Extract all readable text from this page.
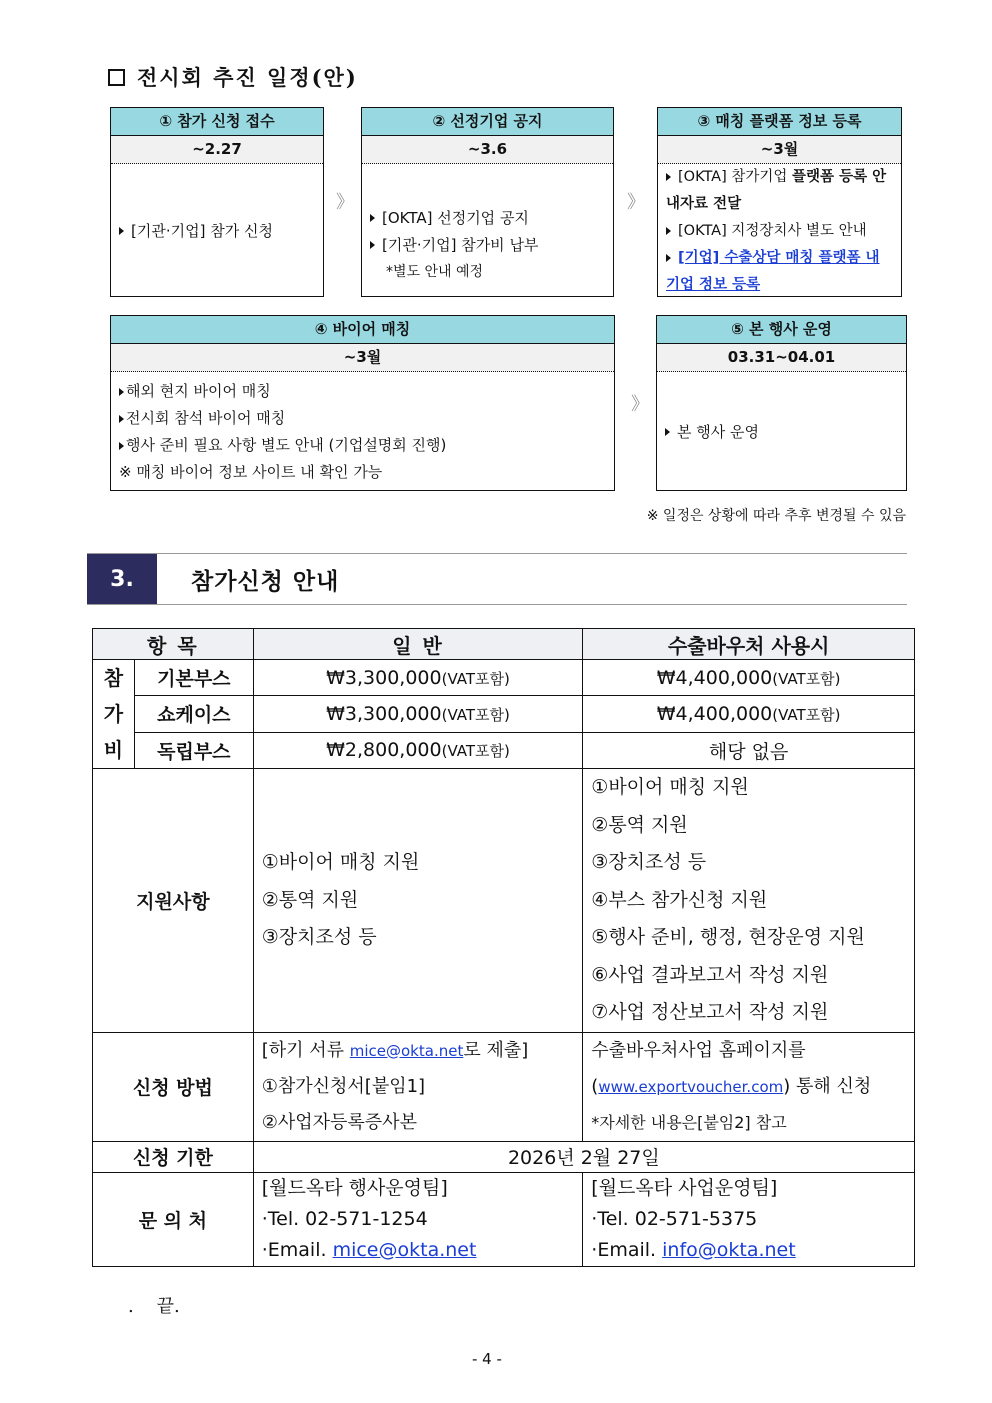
전시회 추진 일정(안)
① 참가 신청 접수
~2.27
[기관·기업] 참가 신청
》
② 선정기업 공지
~3.6
[OKTA] 선정기업 공지
[기관·기업] 참가비 납부
*별도 안내 예정
》
③ 매칭 플랫폼 정보 등록
~3월
[OKTA] 참가기업 플랫폼 등록 안내자료 전달
[OKTA] 지정장치사 별도 안내
[기업] 수출상담 매칭 플랫폼 내 기업 정보 등록
④ 바이어 매칭
~3월
해외 현지 바이어 매칭
전시회 참석 바이어 매칭
행사 준비 필요 사항 별도 안내 (기업설명회 진행)
※ 매칭 바이어 정보 사이트 내 확인 가능
》
⑤ 본 행사 운영
03.31~04.01
본 행사 운영
※ 일정은 상황에 따라 추후 변경될 수 있음
3.	참가신청 안내
항 목		일 반	수출바우처 사용시

참
가
비	기본부스	₩3,300,000(VAT포함)	₩4,400,000(VAT포함)
	쇼케이스	₩3,300,000(VAT포함)	₩4,400,000(VAT포함)
	독립부스	₩2,800,000(VAT포함)	해당 없음
지원사항	
①바이어 매칭 지원
②통역 지원
③장치조성 등

①바이어 매칭 지원
②통역 지원
③장치조성 등
④부스 참가신청 지원
⑤행사 준비, 행정, 현장운영 지원
⑥사업 결과보고서 작성 지원
⑦사업 정산보고서 작성 지원

신청 방법	
[하기 서류 mice@okta.net로 제출]
①참가신청서[붙임1]
②사업자등록증사본

수출바우처사업 홈페이지를
(www.exportvoucher.com) 통해 신청
*자세한 내용은[붙임2] 참고

신청 기한		2026년 2월 27일	
문 의 처	
[월드옥타 행사운영팀]
·Tel. 02-571-1254
·Email. mice@okta.net

[월드옥타 사업운영팀]
·Tel. 02-571-5375
·Email. info@okta.net
.    끝.
- 4 -
